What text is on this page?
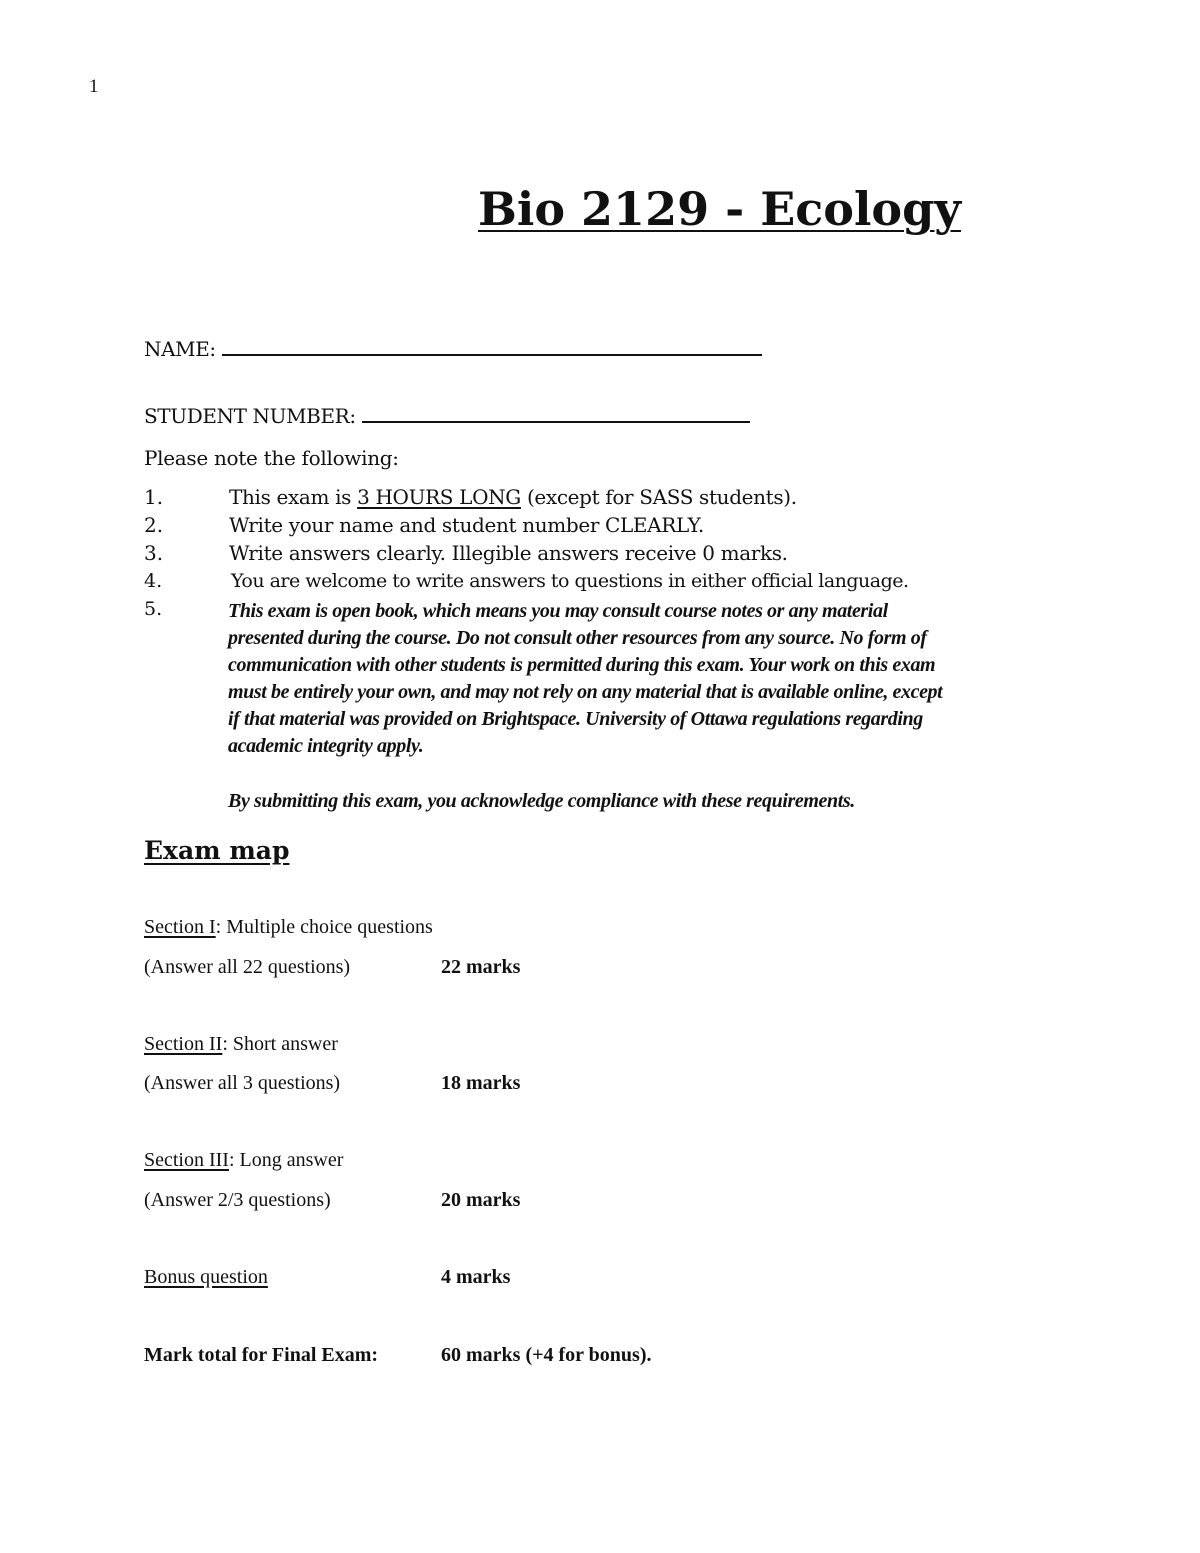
1
Bio 2129 - Ecology
NAME:
STUDENT NUMBER:
Please note the following:
1.	This exam is 3 HOURS LONG (except for SASS students).
2.	Write your name and student number CLEARLY.
3.	Write answers clearly. Illegible answers receive 0 marks.
4.	You are welcome to write answers to questions in either official language.
5.	This exam is open book, which means you may consult course notes or any material
presented during the course. Do not consult other resources from any source. No form of
communication with other students is permitted during this exam. Your work on this exam
must be entirely your own, and may not rely on any material that is available online, except
if that material was provided on Brightspace. University of Ottawa regulations regarding
academic integrity apply.
By submitting this exam, you acknowledge compliance with these requirements.
Exam map
Section I: Multiple choice questions
(Answer all 22 questions)	22 marks
Section II: Short answer
(Answer all 3 questions)	18 marks
Section III: Long answer
(Answer 2/3 questions)	20 marks
Bonus question	4 marks
Mark total for Final Exam:	60 marks (+4 for bonus).
